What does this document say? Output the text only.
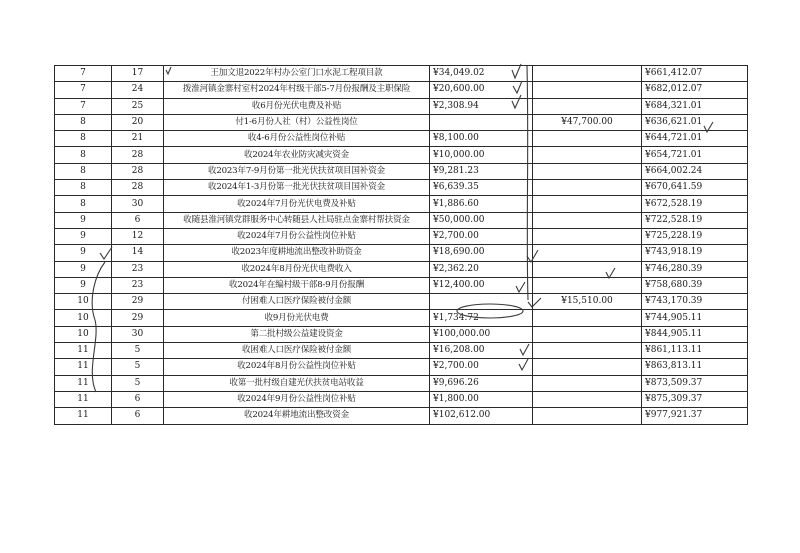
7	17	王加文退2022年村办公室门口水泥工程项目款	¥34,049.02		¥661,412.07
7	24	拨淮河镇金寨村室村2024年村级干部5-7月份报酬及主职保险	¥20,600.00		¥682,012.07
7	25	收6月份光伏电费及补贴	¥2,308.94		¥684,321.01
8	20	付1-6月份人社（村）公益性岗位		¥47,700.00	¥636,621.01
8	21	收4-6月份公益性岗位补贴	¥8,100.00		¥644,721.01
8	28	收2024年农业防灾减灾资金	¥10,000.00		¥654,721.01
8	28	收2023年7-9月份第一批光伏扶贫项目国补资金	¥9,281.23		¥664,002.24
8	28	收2024年1-3月份第一批光伏扶贫项目国补资金	¥6,639.35		¥670,641.59
8	30	收2024年7月份光伏电费及补贴	¥1,886.60		¥672,528.19
9	6	收随县淮河镇党群服务中心转随县人社局驻点金寨村帮扶资金	¥50,000.00		¥722,528.19
9	12	收2024年7月份公益性岗位补贴	¥2,700.00		¥725,228.19
9	14	收2023年度耕地流出整改补助资金	¥18,690.00		¥743,918.19
9	23	收2024年8月份光伏电费收入	¥2,362.20		¥746,280.39
9	23	收2024年在编村級干部8-9月份报酬	¥12,400.00		¥758,680.39
10	29	付困难人口医疗保险被付金额		¥15,510.00	¥743,170.39
10	29	收9月份光伏电费	¥1,734.72		¥744,905.11
10	30	第二批村级公益建设资金	¥100,000.00		¥844,905.11
11	5	收困难人口医疗保险被付金额	¥16,208.00		¥861,113.11
11	5	收2024年8月份公益性岗位补贴	¥2,700.00		¥863,813.11
11	5	收第一批村级自建光伏扶贫电站收益	¥9,696.26		¥873,509.37
11	6	收2024年9月份公益性岗位补贴	¥1,800.00		¥875,309.37
11	6	收2024年耕地流出整改资金	¥102,612.00		¥977,921.37
